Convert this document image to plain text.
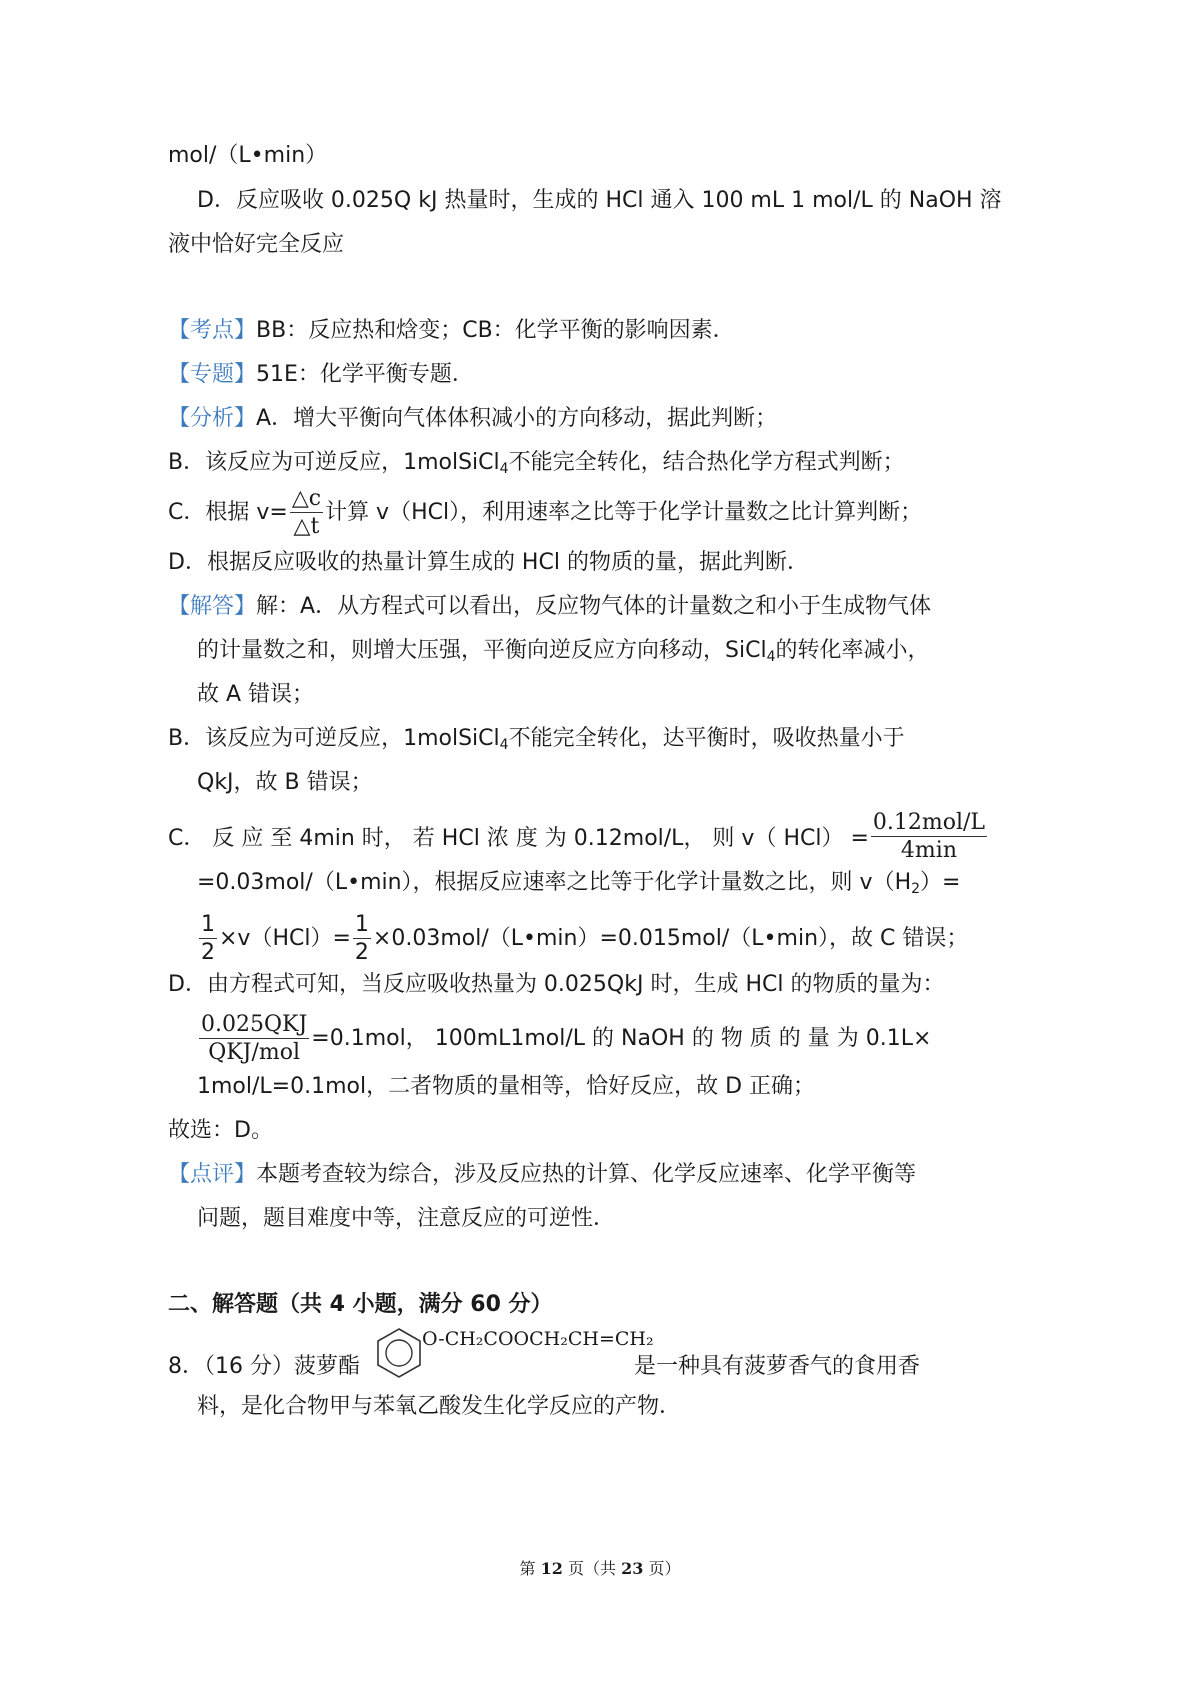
mol/（L•min）
D．反应吸收 0.025Q kJ 热量时，生成的 HCl 通入 100 mL 1 mol/L 的 NaOH 溶
液中恰好完全反应
【考点】BB：反应热和焓变；CB：化学平衡的影响因素．
【专题】51E：化学平衡专题．
【分析】A．增大平衡向气体体积减小的方向移动，据此判断；
B．该反应为可逆反应，1molSiCl$_4$不能完全转化，结合热化学方程式判断；
C．根据 $v= \frac{\triangle c}{\triangle t}$ 计算 v（HCl），利用速率之比等于化学计量数之比计算判断；
D．根据反应吸收的热量计算生成的 HCl 的物质的量，据此判断．
【解答】解：A．从方程式可以看出，反应物气体的计量数之和小于生成物气体
的计量数之和，则增大压强，平衡向逆反应方向移动，SiCl$_4$的转化率减小，
故 A 错误；
B．该反应为可逆反应，1molSiCl$_4$不能完全转化，达平衡时，吸收热量小于
QkJ，故 B 错误；
C． 反 应 至 4min 时， 若 HCl 浓 度 为 0.12mol/L， 则 v（ $HCl) = \frac{\text{0.12mol/L}}{4\min}$
=0.03mol/（L•min），根据反应速率之比等于化学计量数之比，则 $v(H_2)=$
$\frac{1}{2} \times v(HCl)= \frac{1}{2}$ ×0.03mol/（L•min）=0.015mol/（L•min），故 C 错误；
D．由方程式可知，当反应吸收热量为 0.025QkJ 时，生成 HCl 的物质的量为：
$\frac{\text{0.025QKJ}}{\text{QKJ/mol}} =0.1mol$， 100mL1mol/L 的 NaOH 的 物 质 的 量 为 0.1L×
1mol/L=0.1mol，二者物质的量相等，恰好反应，故 D 正确；
故选：D。
【点评】本题考查较为综合，涉及反应热的计算、化学反应速率、化学平衡等
问题，题目难度中等，注意反应的可逆性．
二、解答题（共 4 小题，满分 60 分）
8．（16 分）菠萝酯
O-CH₂COOCH₂CH=CH₂
是一种具有菠萝香气的食用香
料，是化合物甲与苯氧乙酸发生化学反应的产物．
第 12 页（共 23 页）
